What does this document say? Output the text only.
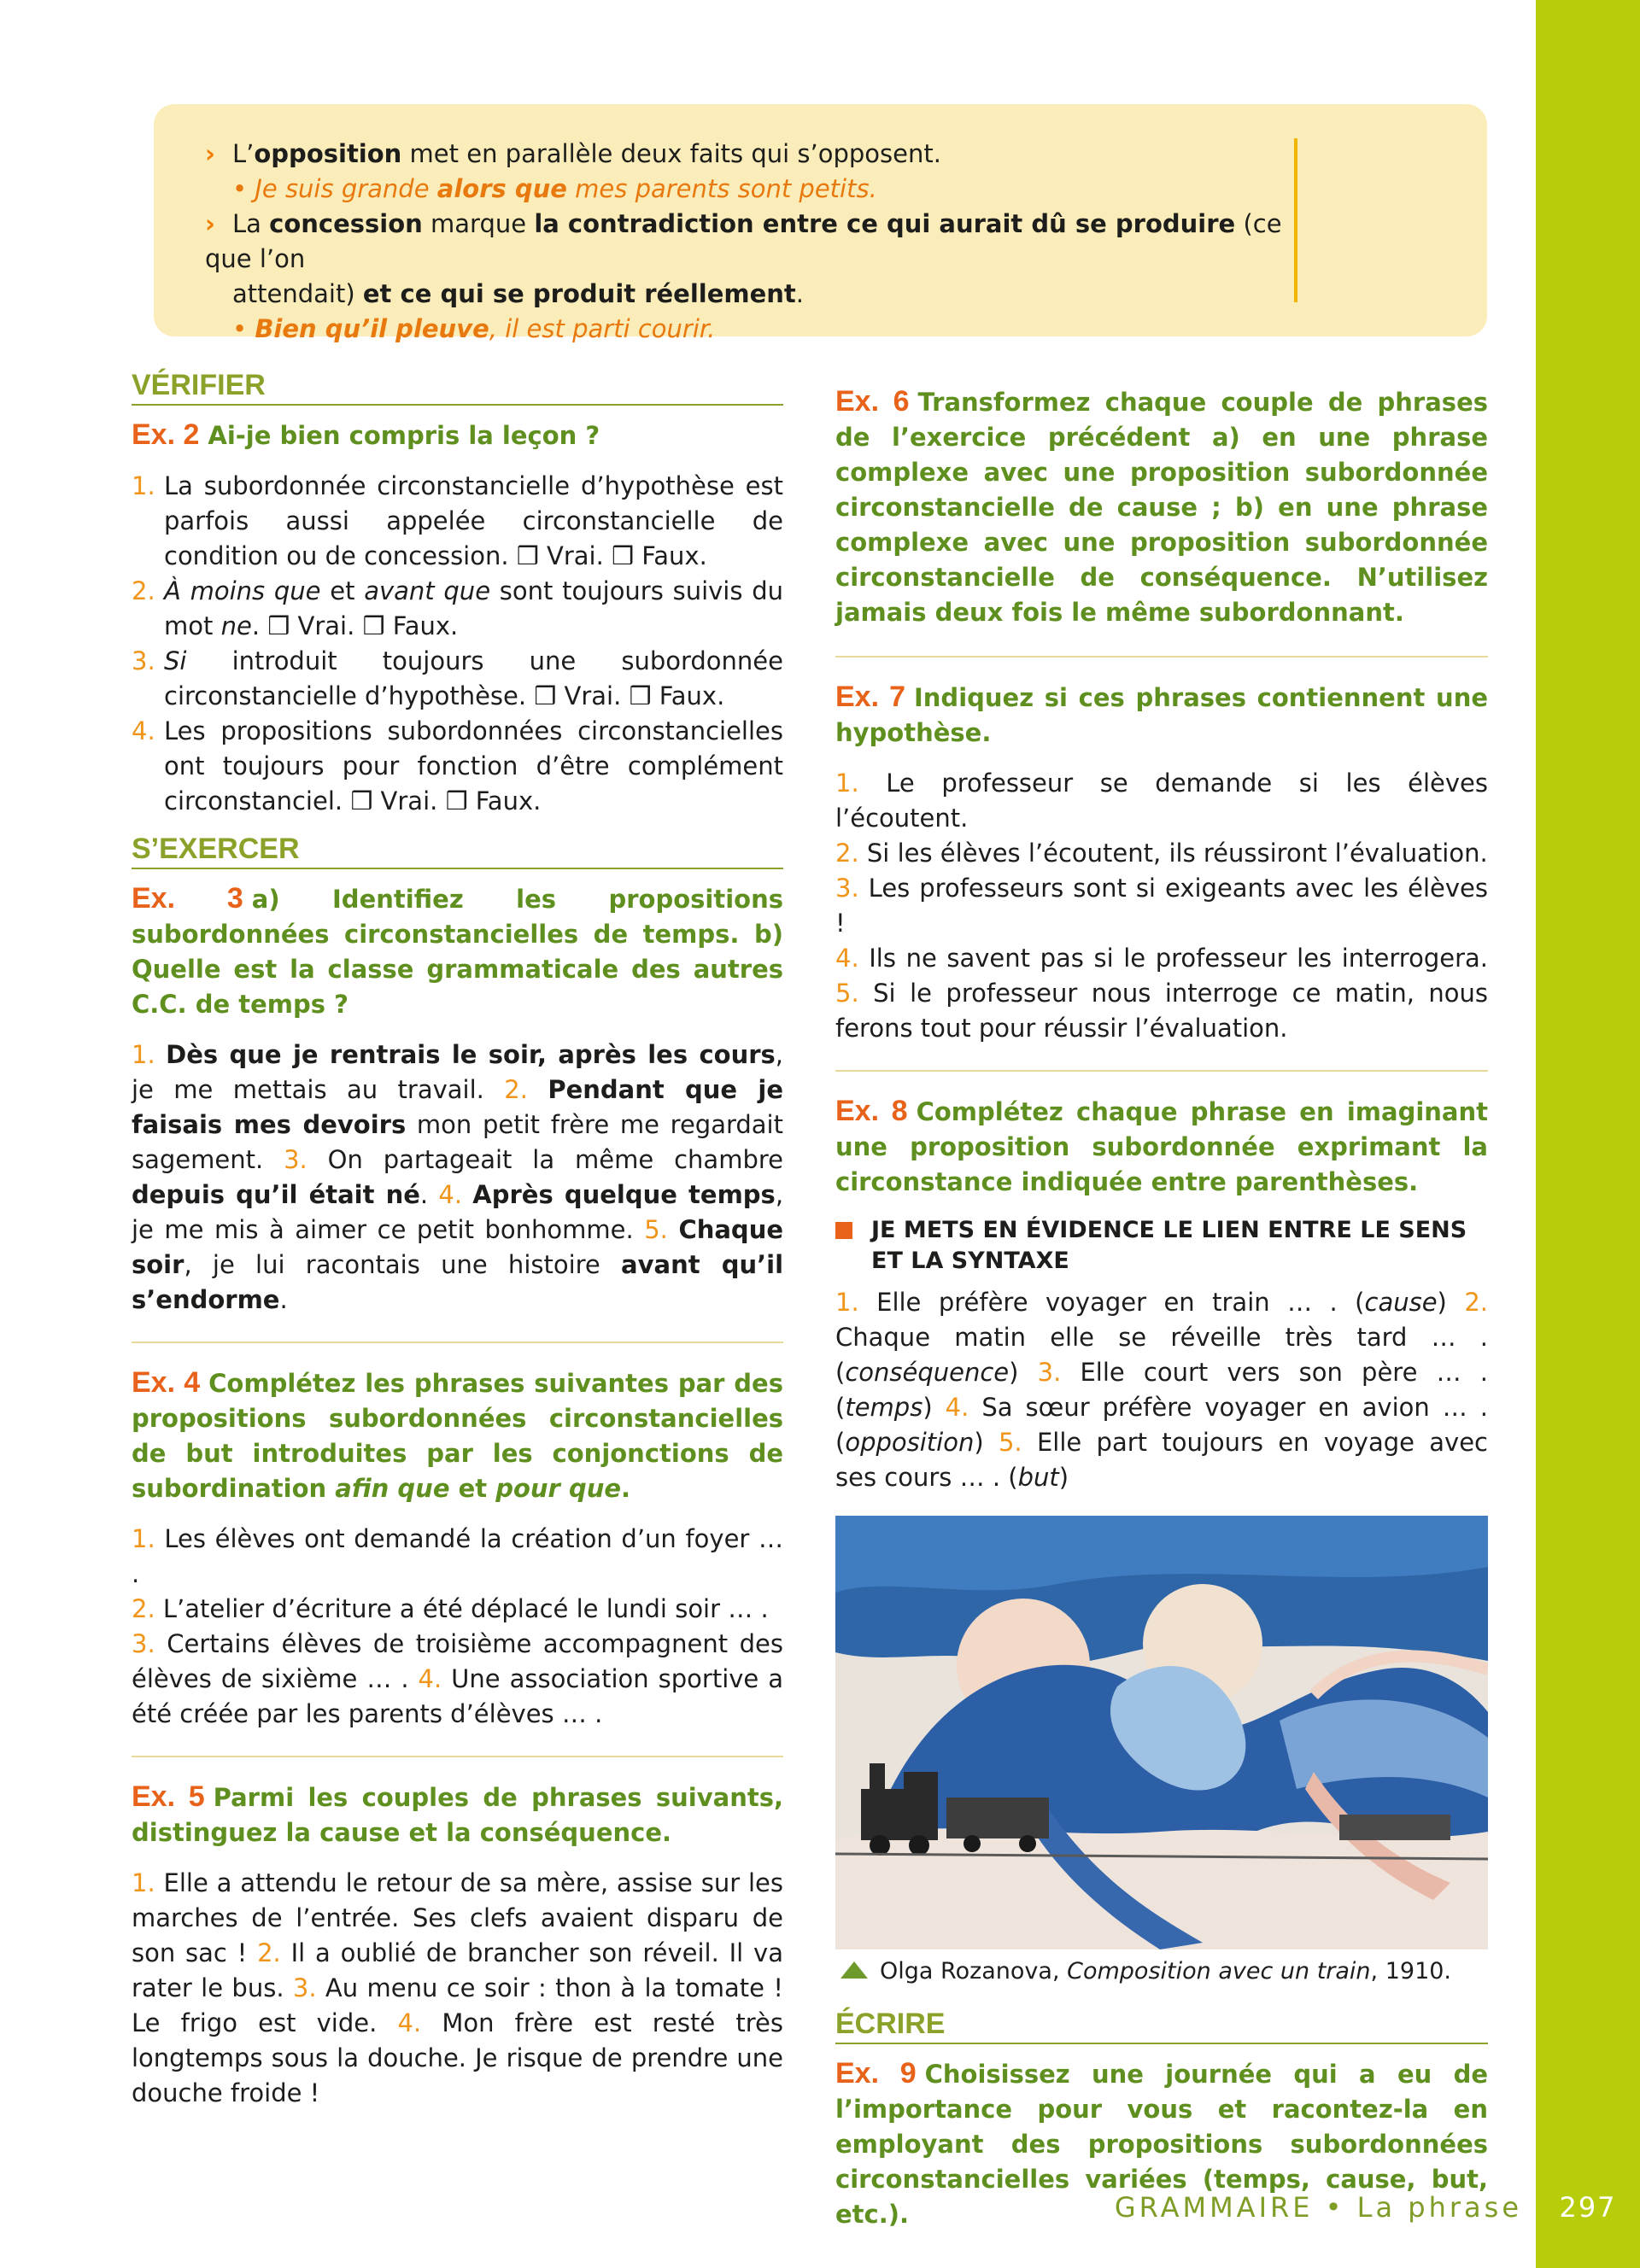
› L’opposition met en parallèle deux faits qui s’opposent.

• Je suis grande alors que mes parents sont petits.

› La concession marque la contradiction entre ce qui aurait dû se produire (ce que l’on
attendait) et ce qui se produit réellement.

• Bien qu’il pleuve, il est parti courir.

VÉRIFIER
Ex. 2 Ai-je bien compris la leçon ?
1. La subordonnée circonstancielle d’hypothèse est parfois aussi appelée circonstancielle de condition ou de concession. ❒ Vrai. ❒ Faux.
2. À moins que et avant que sont toujours suivis du mot ne. ❒ Vrai. ❒ Faux.
3. Si introduit toujours une subordonnée circonstancielle d’hypothèse. ❒ Vrai. ❒ Faux.
4. Les propositions subordonnées circonstancielles ont toujours pour fonction d’être complément circonstanciel. ❒ Vrai. ❒ Faux.
S’EXERCER
Ex. 3 a) Identifiez les propositions subordonnées circonstancielles de temps. b) Quelle est la classe grammaticale des autres C.C. de temps ?

1. Dès que je rentrais le soir, après les cours, je me mettais au travail. 2. Pendant que je faisais mes devoirs mon petit frère me regardait sagement. 3. On partageait la même chambre depuis qu’il était né. 4. Après quelque temps, je me mis à aimer ce petit bonhomme. 5. Chaque soir, je lui racontais une histoire avant qu’il s’endorme.

Ex. 4 Complétez les phrases suivantes par des propositions subordonnées circonstancielles de but introduites par les conjonctions de subordination afin que et pour que.

1. Les élèves ont demandé la création d’un foyer … .
2. L’atelier d’écriture a été déplacé le lundi soir … .
3. Certains élèves de troisième accompagnent des élèves de sixième … . 4. Une association sportive a été créée par les parents d’élèves … .

Ex. 5 Parmi les couples de phrases suivants, distinguez la cause et la conséquence.

1. Elle a attendu le retour de sa mère, assise sur les marches de l’entrée. Ses clefs avaient disparu de son sac ! 2. Il a oublié de brancher son réveil. Il va rater le bus. 3. Au menu ce soir : thon à la tomate ! Le frigo est vide. 4. Mon frère est resté très longtemps sous la douche. Je risque de prendre une douche froide !

Ex. 6 Transformez chaque couple de phrases de l’exercice précédent a) en une phrase complexe avec une proposition subordonnée circonstancielle de cause ; b) en une phrase complexe avec une proposition subordonnée circonstancielle de conséquence. N’utilisez jamais deux fois le même subordonnant.
Ex. 7 Indiquez si ces phrases contiennent une hypothèse.

1. Le professeur se demande si les élèves l’écoutent.
2. Si les élèves l’écoutent, ils réussiront l’évaluation.
3. Les professeurs sont si exigeants avec les élèves !
4. Ils ne savent pas si le professeur les interrogera. 5. Si le professeur nous interroge ce matin, nous ferons tout pour réussir l’évaluation.

Ex. 8 Complétez chaque phrase en imaginant une proposition subordonnée exprimant la circonstance indiquée entre parenthèses.
JE METS EN ÉVIDENCE LE LIEN ENTRE LE SENS ET LA SYNTAXE

1. Elle préfère voyager en train … . (cause) 2. Chaque matin elle se réveille très tard … . (conséquence) 3. Elle court vers son père … . (temps) 4. Sa sœur préfère voyager en avion … . (opposition) 5. Elle part toujours en voyage avec ses cours … . (but)

Olga Rozanova, Composition avec un train, 1910.
ÉCRIRE
Ex. 9 Choisissez une journée qui a eu de l’importance pour vous et racontez-la en employant des propositions subordonnées circonstancielles variées (temps, cause, but, etc.).	GRAMMAIRE • La phrase	297
